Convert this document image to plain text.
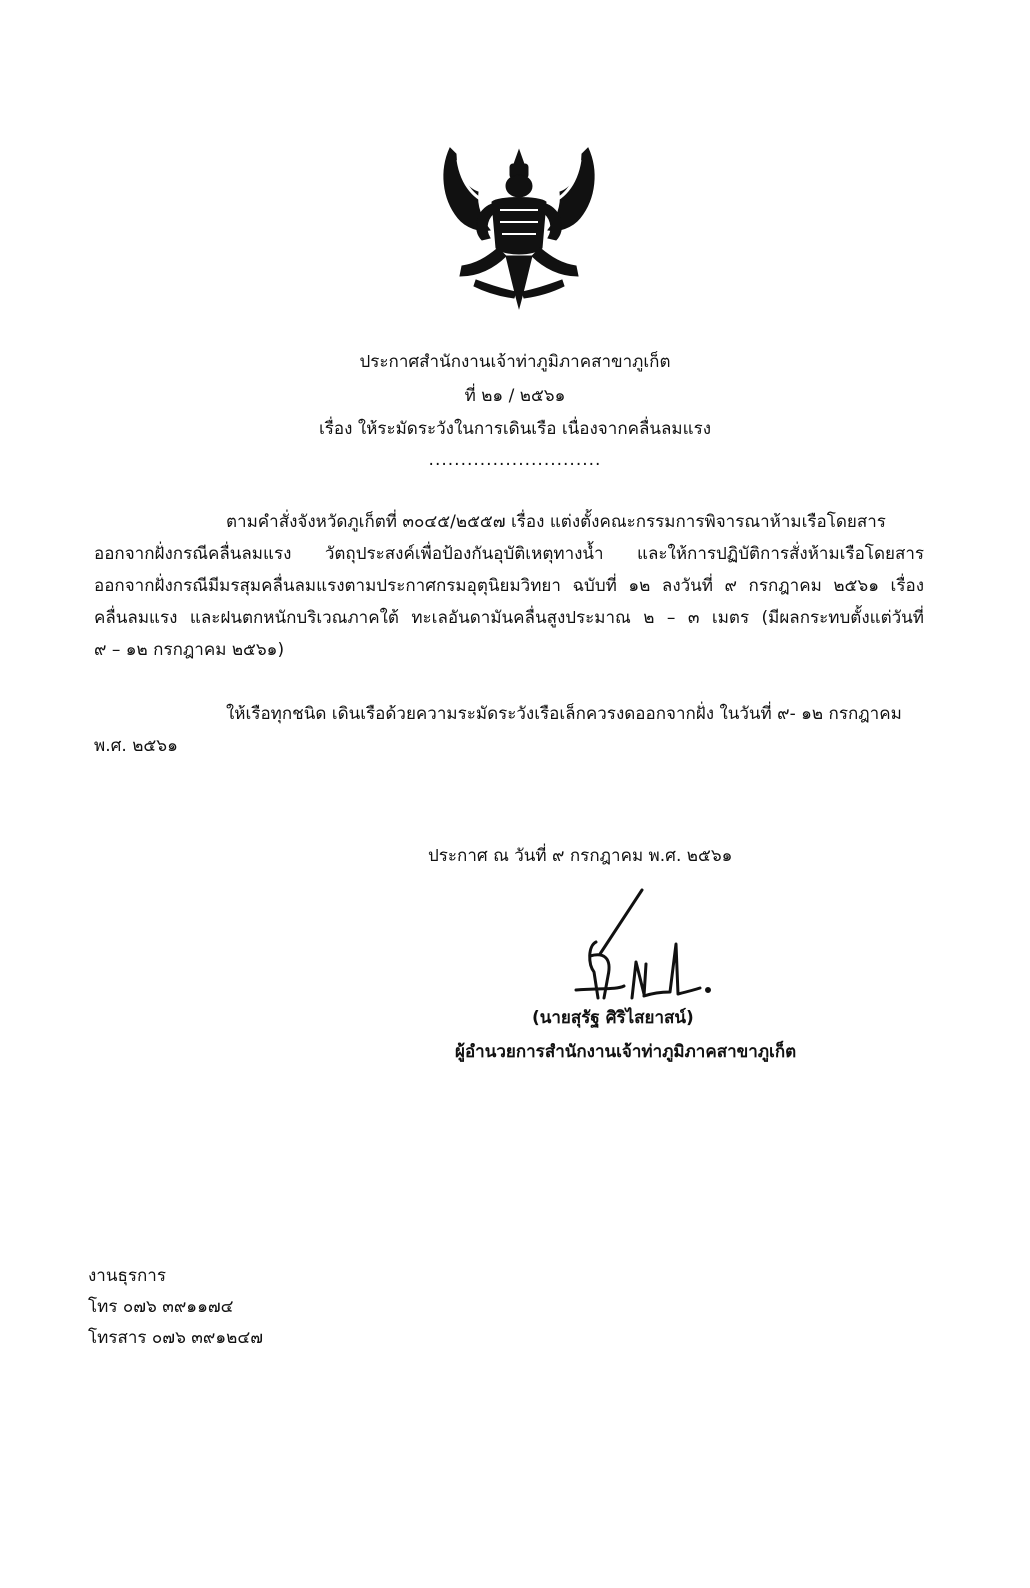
ประกาศสำนักงานเจ้าท่าภูมิภาคสาขาภูเก็ต
ที่ ๒๑ / ๒๕๖๑
เรื่อง ให้ระมัดระวังในการเดินเรือ เนื่องจากคลื่นลมแรง
...........................
ตามคำสั่งจังหวัดภูเก็ตที่ ๓๐๔๕/๒๕๕๗ เรื่อง แต่งตั้งคณะกรรมการพิจารณาห้ามเรือโดยสาร
ออกจากฝั่งกรณีคลื่นลมแรง วัตถุประสงค์เพื่อป้องกันอุบัติเหตุทางน้ำ และให้การปฏิบัติการสั่งห้ามเรือโดยสาร
ออกจากฝั่งกรณีมีมรสุมคลื่นลมแรงตามประกาศกรมอุตุนิยมวิทยา ฉบับที่ ๑๒ ลงวันที่ ๙ กรกฎาคม ๒๕๖๑ เรื่อง
คลื่นลมแรง และฝนตกหนักบริเวณภาคใต้ ทะเลอันดามันคลื่นสูงประมาณ ๒ – ๓ เมตร (มีผลกระทบตั้งแต่วันที่
๙ – ๑๒ กรกฎาคม ๒๕๖๑)
ให้เรือทุกชนิด เดินเรือด้วยความระมัดระวังเรือเล็กควรงดออกจากฝั่ง ในวันที่ ๙- ๑๒ กรกฎาคม
พ.ศ. ๒๕๖๑
ประกาศ ณ วันที่ ๙ กรกฎาคม พ.ศ. ๒๕๖๑
(นายสุรัฐ ศิริไสยาสน์)
ผู้อำนวยการสำนักงานเจ้าท่าภูมิภาคสาขาภูเก็ต
งานธุรการ
โทร ๐๗๖ ๓๙๑๑๗๔
โทรสาร ๐๗๖ ๓๙๑๒๔๗
